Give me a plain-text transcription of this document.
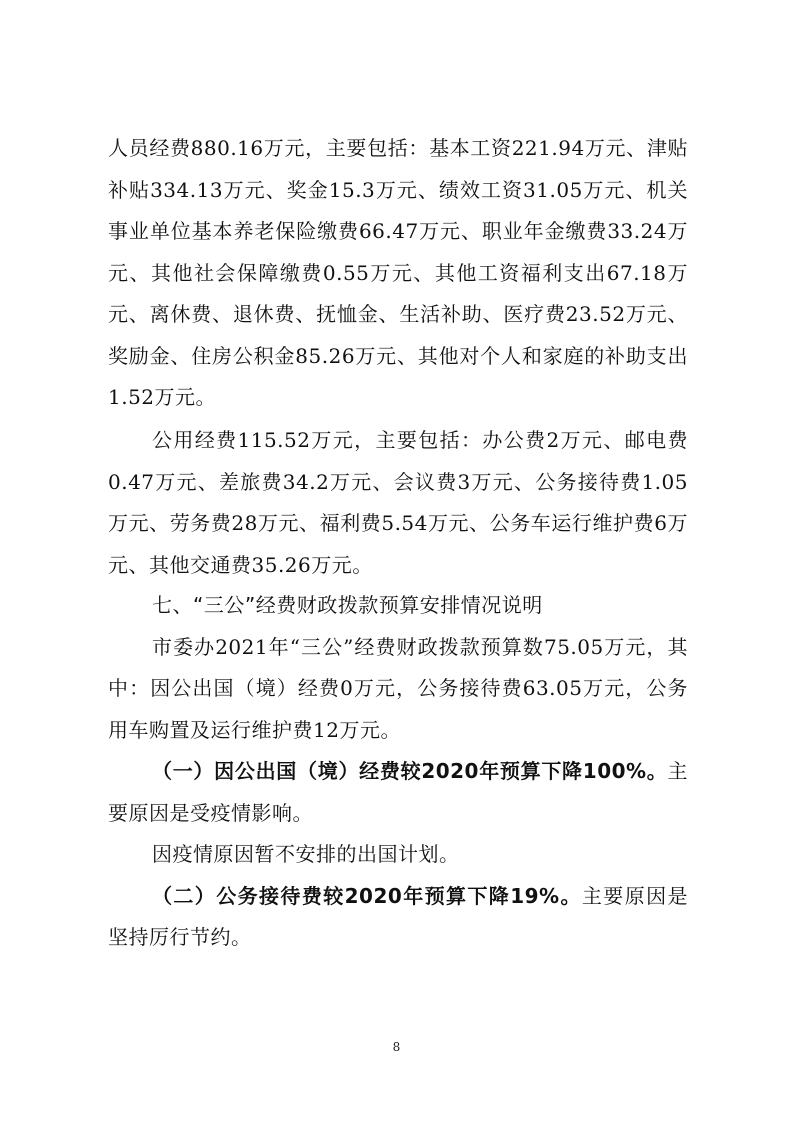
人员经费880.16万元，主要包括：基本工资221.94万元、津贴补贴334.13万元、奖金15.3万元、绩效工资31.05万元、机关事业单位基本养老保险缴费66.47万元、职业年金缴费33.24万元、其他社会保障缴费0.55万元、其他工资福利支出67.18万元、离休费、退休费、抚恤金、生活补助、医疗费23.52万元、奖励金、住房公积金85.26万元、其他对个人和家庭的补助支出1.52万元。

公用经费115.52万元，主要包括：办公费2万元、邮电费0.47万元、差旅费34.2万元、会议费3万元、公务接待费1.05万元、劳务费28万元、福利费5.54万元、公务车运行维护费6万元、其他交通费35.26万元。

七、“三公”经费财政拨款预算安排情况说明

市委办2021年“三公”经费财政拨款预算数75.05万元，其中：因公出国（境）经费0万元，公务接待费63.05万元，公务用车购置及运行维护费12万元。

（一）因公出国（境）经费较2020年预算下降100%。主要原因是受疫情影响。

因疫情原因暂不安排的出国计划。

（二）公务接待费较2020年预算下降19%。主要原因是坚持厉行节约。

8
